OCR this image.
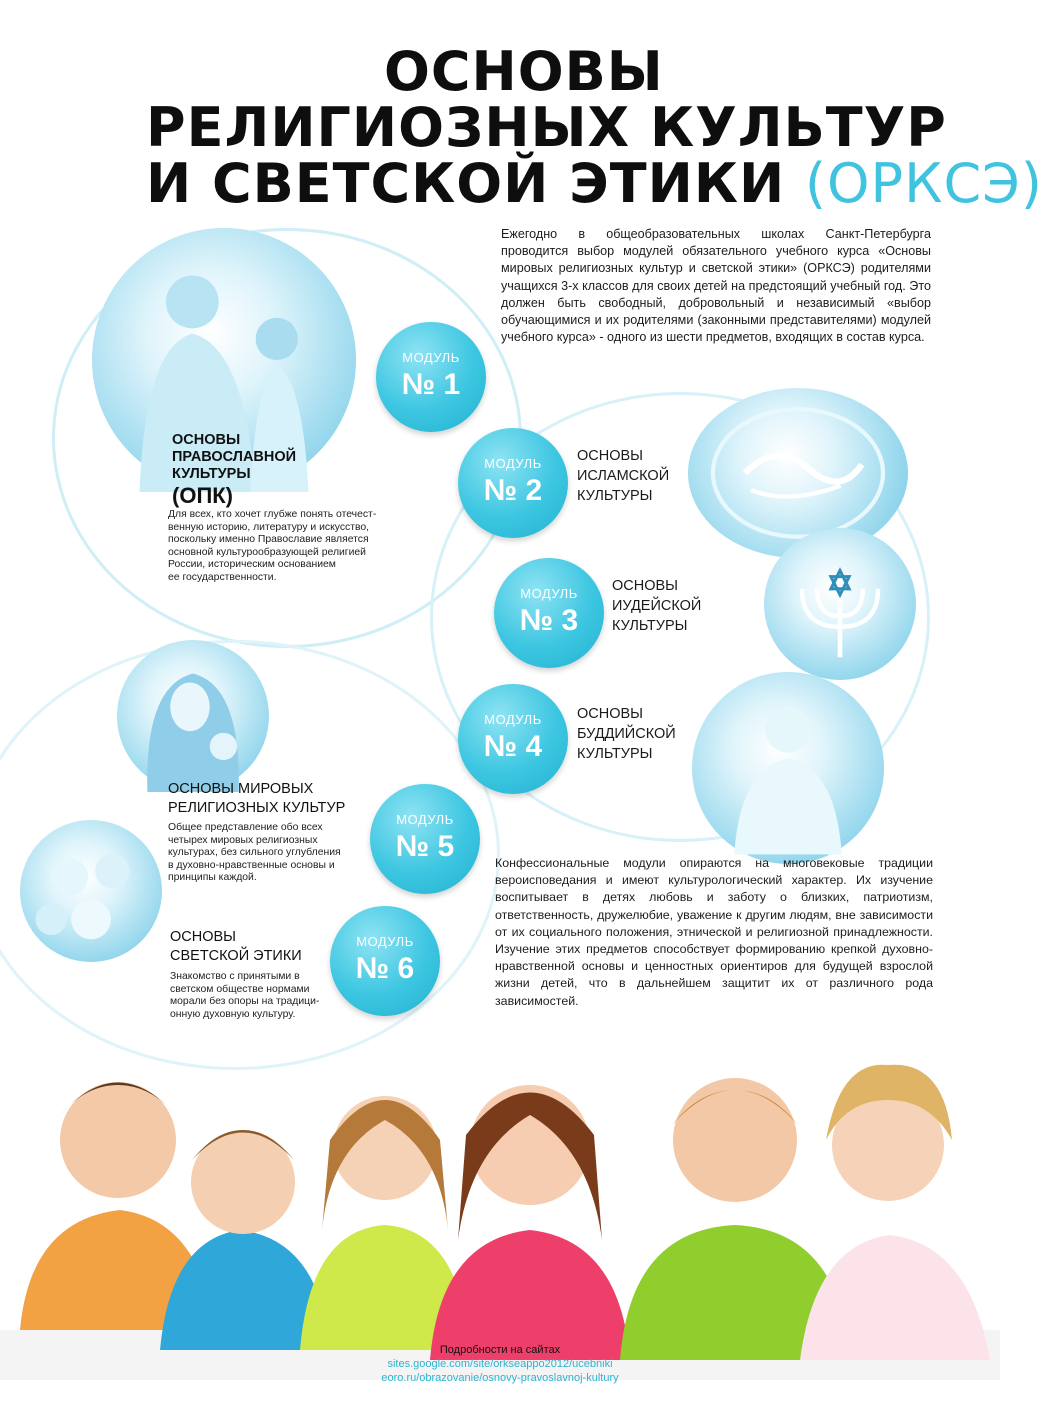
ОСНОВЫ
РЕЛИГИОЗНЫХ КУЛЬТУР
И СВЕТСКОЙ ЭТИКИ (ОРКСЭ)
Ежегодно в общеобразовательных школах Санкт-Петербурга проводится выбор модулей обязательного учебного курса «Основы мировых религиозных культур и светской этики» (ОРКСЭ) родителями учащихся 3-х классов для своих детей на предстоящий учебный год. Это должен быть свободный, добровольный и независимый «выбор обучающимися и их родителями (законными представителями) модулей учебного курса» - одного из шести предметов, входящих в состав курса.
МОДУЛЬ
№ 1
МОДУЛЬ
№ 2
МОДУЛЬ
№ 3
МОДУЛЬ
№ 4
МОДУЛЬ
№ 5
МОДУЛЬ
№ 6
ОСНОВЫ
ИСЛАМСКОЙ
КУЛЬТУРЫ
ОСНОВЫ
ИУДЕЙСКОЙ
КУЛЬТУРЫ
ОСНОВЫ
БУДДИЙСКОЙ
КУЛЬТУРЫ
ОСНОВЫ
ПРАВОСЛАВНОЙ
КУЛЬТУРЫ
(ОПК)
Для всех, кто хочет глубже понять отечест-
венную историю, литературу и искусство,
поскольку именно Православие является
основной культурообразующей религией
России, историческим основанием
ее государственности.
ОСНОВЫ МИРОВЫХ
РЕЛИГИОЗНЫХ КУЛЬТУР
Общее представление обо всех
четырех мировых религиозных
культурах, без сильного углубления
в духовно-нравственные основы и
принципы каждой.
ОСНОВЫ
СВЕТСКОЙ ЭТИКИ
Знакомство с принятыми в
светском обществе нормами
морали без опоры на традици-
онную духовную культуру.
Конфессиональные модули опираются на многовековые традиции вероисповедания и имеют культурологический характер. Их изучение воспитывает в детях любовь и заботу о близких, патриотизм, ответственность, дружелюбие, уважение к другим людям, вне зависимости от их социального положения, этнической и религиозной принадлежности. Изучение этих предметов способствует формированию крепкой духовно-нравственной основы и ценностных ориентиров для будущей взрослой жизни детей, что в дальнейшем защитит их от различного рода зависимостей.
Подробности на сайтах
sites.google.com/site/orkseappo2012/ucebniki
eoro.ru/obrazovanie/osnovy-pravoslavnoj-kultury
